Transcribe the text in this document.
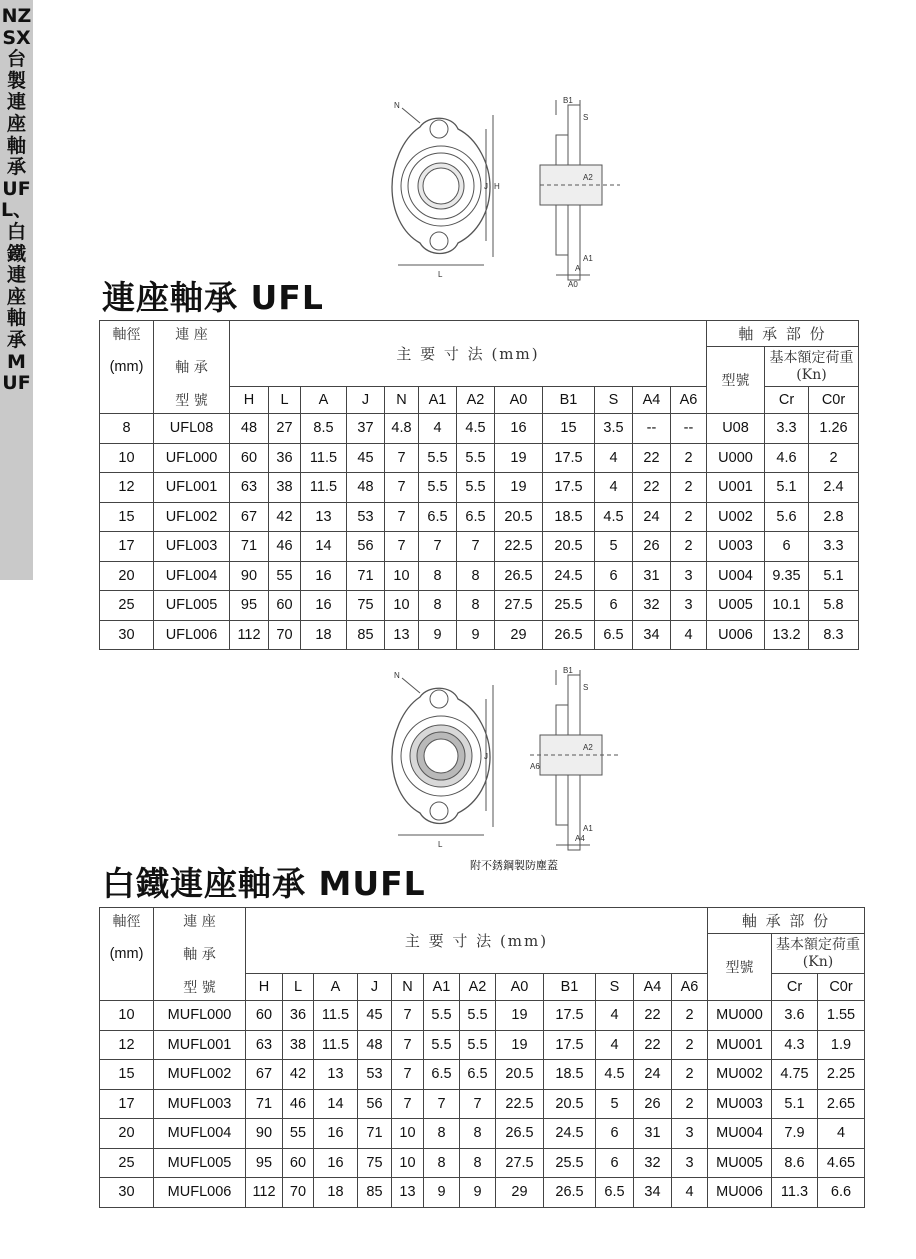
NZSX台製連座軸承UFL、白鐵連座軸承MUF
N
J H
L
B1
S
A2
A1
A
A0
連座軸承 UFL
軸徑	連 座	主 要 寸 法 (mm)												軸 承 部 份		
(mm)	軸 承													型號	基本額定荷重
(Kn)	
	型 號	H	L	A	J	N	A1	A2	A0	B1	S	A4	A6		Cr	C0r
8	UFL08	48	27	8.5	37	4.8	4	4.5	16	15	3.5	--	--	U08	3.3	1.26
10	UFL000	60	36	11.5	45	7	5.5	5.5	19	17.5	4	22	2	U000	4.6	2
12	UFL001	63	38	11.5	48	7	5.5	5.5	19	17.5	4	22	2	U001	5.1	2.4
15	UFL002	67	42	13	53	7	6.5	6.5	20.5	18.5	4.5	24	2	U002	5.6	2.8
17	UFL003	71	46	14	56	7	7	7	22.5	20.5	5	26	2	U003	6	3.3
20	UFL004	90	55	16	71	10	8	8	26.5	24.5	6	31	3	U004	9.35	5.1
25	UFL005	95	60	16	75	10	8	8	27.5	25.5	6	32	3	U005	10.1	5.8
30	UFL006	112	70	18	85	13	9	9	29	26.5	6.5	34	4	U006	13.2	8.3
N
J
L
B1
S
A2
A6
A1
A4
附不銹鋼製防塵蓋
白鐵連座軸承 MUFL
軸徑	連 座	主 要 寸 法 (mm)												軸 承 部 份		
(mm)	軸 承													型號	基本額定荷重
(Kn)	
	型 號	H	L	A	J	N	A1	A2	A0	B1	S	A4	A6		Cr	C0r
10	MUFL000	60	36	11.5	45	7	5.5	5.5	19	17.5	4	22	2	MU000	3.6	1.55
12	MUFL001	63	38	11.5	48	7	5.5	5.5	19	17.5	4	22	2	MU001	4.3	1.9
15	MUFL002	67	42	13	53	7	6.5	6.5	20.5	18.5	4.5	24	2	MU002	4.75	2.25
17	MUFL003	71	46	14	56	7	7	7	22.5	20.5	5	26	2	MU003	5.1	2.65
20	MUFL004	90	55	16	71	10	8	8	26.5	24.5	6	31	3	MU004	7.9	4
25	MUFL005	95	60	16	75	10	8	8	27.5	25.5	6	32	3	MU005	8.6	4.65
30	MUFL006	112	70	18	85	13	9	9	29	26.5	6.5	34	4	MU006	11.3	6.6
